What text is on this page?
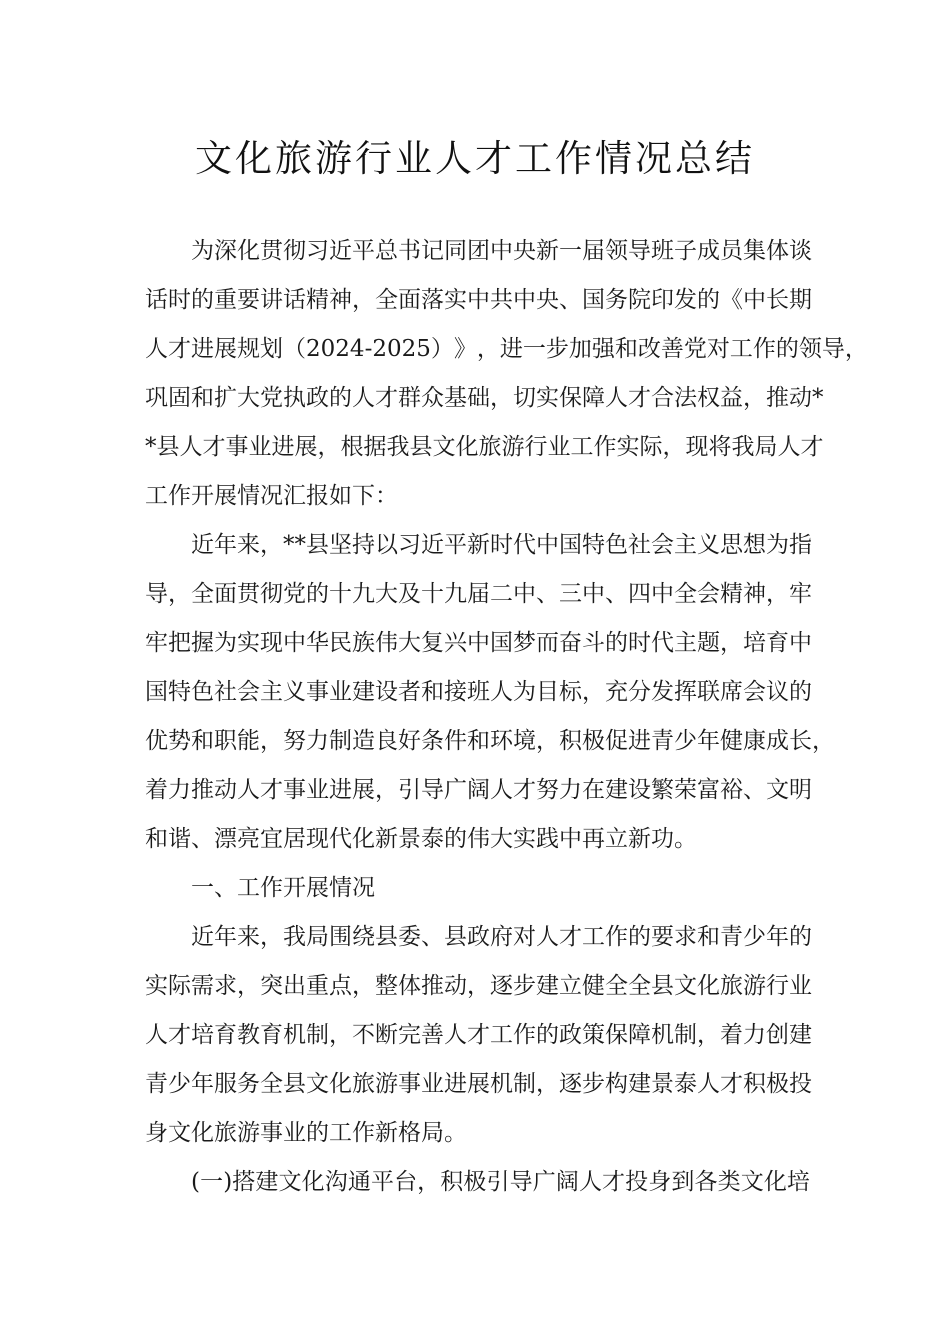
文化旅游行业人才工作情况总结
为 深 化 贯 彻 习 近 平 总 书 记 同 团 中 央 新 一 届 领 导 班 子 成 员 集 体 谈
话 时 的 重 要 讲 话 精 神 ， 全 面 落 实 中 共 中 央 、 国 务 院 印 发 的 《 中 长 期
人 才 进 展 规 划 （ 2 0 2 4 - 2 0 2 5 ） 》 ， 进 一 步 加 强 和 改 善 党 对 工 作 的 领 导 ，
巩 固 和 扩 大 党 执 政 的 人 才 群 众 基 础 ， 切 实 保 障 人 才 合 法 权 益 ， 推 动 *
* 县 人 才 事 业 进 展 ， 根 据 我 县 文 化 旅 游 行 业 工 作 实 际 ， 现 将 我 局 人 才
工作开展情况汇报如下：
近 年 来 ， * * 县 坚 持 以 习 近 平 新 时 代 中 国 特 色 社 会 主 义 思 想 为 指
导 ， 全 面 贯 彻 党 的 十 九 大 及 十 九 届 二 中 、 三 中 、 四 中 全 会 精 神 ， 牢
牢 把 握 为 实 现 中 华 民 族 伟 大 复 兴 中 国 梦 而 奋 斗 的 时 代 主 题 ， 培 育 中
国 特 色 社 会 主 义 事 业 建 设 者 和 接 班 人 为 目 标 ， 充 分 发 挥 联 席 会 议 的
优 势 和 职 能 ， 努 力 制 造 良 好 条 件 和 环 境 ， 积 极 促 进 青 少 年 健 康 成 长 ，
着 力 推 动 人 才 事 业 进 展 ， 引 导 广 阔 人 才 努 力 在 建 设 繁 荣 富 裕 、 文 明
和谐、漂亮宜居现代化新景泰的伟大实践中再立新功。
一、工作开展情况
近 年 来 ， 我 局 围 绕 县 委 、 县 政 府 对 人 才 工 作 的 要 求 和 青 少 年 的
实 际 需 求 ， 突 出 重 点 ， 整 体 推 动 ， 逐 步 建 立 健 全 全 县 文 化 旅 游 行 业
人 才 培 育 教 育 机 制 ， 不 断 完 善 人 才 工 作 的 政 策 保 障 机 制 ， 着 力 创 建
青 少 年 服 务 全 县 文 化 旅 游 事 业 进 展 机 制 ， 逐 步 构 建 景 泰 人 才 积 极 投
身文化旅游事业的工作新格局。
( 一 ) 搭 建 文 化 沟 通 平 台 ， 积 极 引 导 广 阔 人 才 投 身 到 各 类 文 化 培
